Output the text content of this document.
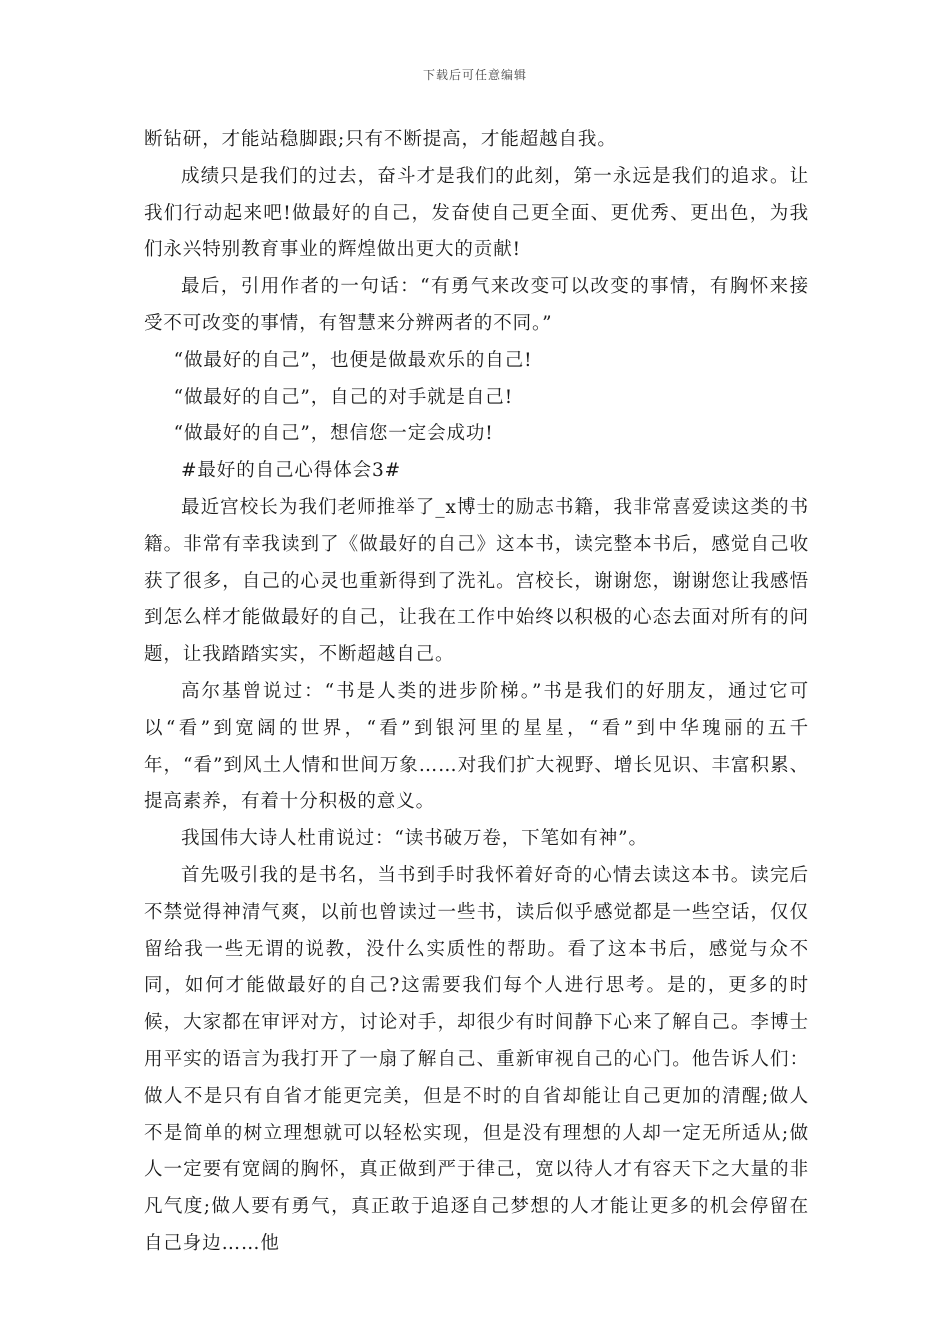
下载后可任意编辑

断钻研，才能站稳脚跟;只有不断提高，才能超越自我。

成绩只是我们的过去，奋斗才是我们的此刻，第一永远是我们的追求。让我们行动起来吧!做最好的自己，发奋使自己更全面、更优秀、更出色，为我们永兴特别教育事业的辉煌做出更大的贡献!

最后，引用作者的一句话：“有勇气来改变可以改变的事情，有胸怀来接受不可改变的事情，有智慧来分辨两者的不同。”

“做最好的自己”，也便是做最欢乐的自己!

“做最好的自己”，自己的对手就是自己!

“做最好的自己”，想信您一定会成功!

#最好的自己心得体会3#

最近宫校长为我们老师推举了_x博士的励志书籍，我非常喜爱读这类的书籍。非常有幸我读到了《做最好的自己》这本书，读完整本书后，感觉自己收获了很多，自己的心灵也重新得到了洗礼。宫校长，谢谢您，谢谢您让我感悟到怎么样才能做最好的自己，让我在工作中始终以积极的心态去面对所有的问题，让我踏踏实实，不断超越自己。

高尔基曾说过：“书是人类的进步阶梯。”书是我们的好朋友，通过它可以“看”到宽阔的世界，“看”到银河里的星星，“看”到中华瑰丽的五千年，“看”到风土人情和世间万象……对我们扩大视野、增长见识、丰富积累、提高素养，有着十分积极的意义。

我国伟大诗人杜甫说过：“读书破万卷，下笔如有神”。

首先吸引我的是书名，当书到手时我怀着好奇的心情去读这本书。读完后不禁觉得神清气爽，以前也曾读过一些书，读后似乎感觉都是一些空话，仅仅留给我一些无谓的说教，没什么实质性的帮助。看了这本书后，感觉与众不同，如何才能做最好的自己?这需要我们每个人进行思考。是的，更多的时候，大家都在审评对方，讨论对手，却很少有时间静下心来了解自己。李博士用平实的语言为我打开了一扇了解自己、重新审视自己的心门。他告诉人们：做人不是只有自省才能更完美，但是不时的自省却能让自己更加的清醒;做人不是简单的树立理想就可以轻松实现，但是没有理想的人却一定无所适从;做人一定要有宽阔的胸怀，真正做到严于律己，宽以待人才有容天下之大量的非凡气度;做人要有勇气，真正敢于追逐自己梦想的人才能让更多的机会停留在自己身边……他
